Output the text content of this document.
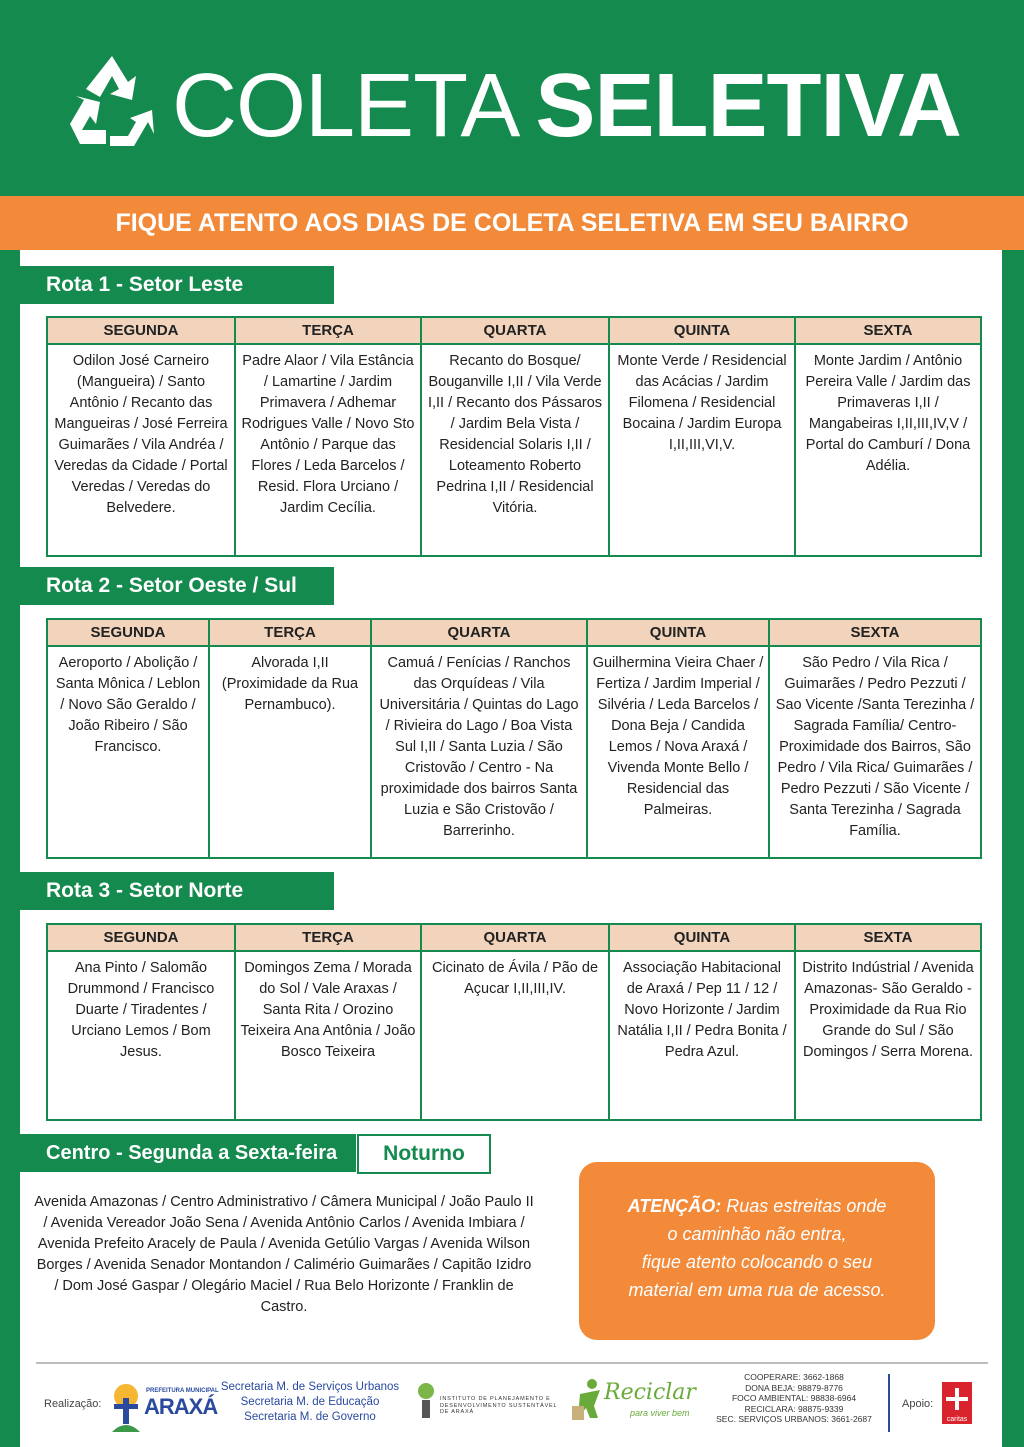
COLETA SELETIVA
FIQUE ATENTO AOS DIAS DE COLETA SELETIVA EM SEU BAIRRO
Rota 1 - Setor Leste
SEGUNDA
Odilon José Carneiro (Mangueira) / Santo Antônio / Recanto das Mangueiras / José Ferreira Guimarães / Vila Andréa / Veredas da Cidade / Portal Veredas / Veredas do Belvedere.
TERÇA
Padre Alaor / Vila Estância / Lamartine / Jardim Primavera / Adhemar Rodrigues Valle / Novo Sto Antônio / Parque das Flores / Leda Barcelos / Resid. Flora Urciano / Jardim Cecília.
QUARTA
Recanto do Bosque/ Bouganville I,II / Vila Verde I,II / Recanto dos Pássaros / Jardim Bela Vista / Residencial Solaris I,II / Loteamento Roberto Pedrina I,II / Residencial Vitória.
QUINTA
Monte Verde / Residencial das Acácias / Jardim Filomena / Residencial Bocaina / Jardim Europa I,II,III,VI,V.
SEXTA
Monte Jardim / Antônio Pereira Valle / Jardim das Primaveras I,II / Mangabeiras I,II,III,IV,V / Portal do Camburí / Dona Adélia.
Rota 2 - Setor Oeste / Sul
SEGUNDA
Aeroporto / Abolição / Santa Mônica / Leblon / Novo São Geraldo / João Ribeiro / São Francisco.
TERÇA
Alvorada I,II (Proximidade da Rua Pernambuco).
QUARTA
Camuá / Fenícias / Ranchos das Orquídeas / Vila Universitária / Quintas do Lago / Rivieira do Lago / Boa Vista Sul I,II / Santa Luzia / São Cristovão / Centro - Na proximidade dos bairros Santa Luzia e São Cristovão / Barrerinho.
QUINTA
Guilhermina Vieira Chaer / Fertiza / Jardim Imperial / Silvéria / Leda Barcelos / Dona Beja / Candida Lemos / Nova Araxá / Vivenda Monte Bello / Residencial das Palmeiras.
SEXTA
São Pedro / Vila Rica / Guimarães / Pedro Pezzuti / Sao Vicente /Santa Terezinha / Sagrada Família/ Centro- Proximidade dos Bairros, São Pedro / Vila Rica/ Guimarães / Pedro Pezzuti / São Vicente / Santa Terezinha / Sagrada Família.
Rota 3 - Setor Norte
SEGUNDA
Ana Pinto / Salomão Drummond / Francisco Duarte / Tiradentes / Urciano Lemos / Bom Jesus.
TERÇA
Domingos Zema / Morada do Sol / Vale Araxas / Santa Rita / Orozino Teixeira Ana Antônia / João Bosco Teixeira
QUARTA
Cicinato de Ávila / Pão de Açucar I,II,III,IV.
QUINTA
Associação Habitacional de Araxá / Pep 11 / 12 / Novo Horizonte / Jardim Natália I,II / Pedra Bonita / Pedra Azul.
SEXTA
Distrito Indústrial / Avenida Amazonas- São Geraldo - Proximidade da Rua Rio Grande do Sul / São Domingos / Serra Morena.
Centro - Segunda a Sexta-feira	Noturno
Avenida Amazonas / Centro Administrativo / Câmera Municipal / João Paulo II / Avenida Vereador João Sena / Avenida Antônio Carlos / Avenida Imbiara / Avenida Prefeito Aracely de Paula / Avenida Getúlio Vargas / Avenida Wilson Borges / Avenida Senador Montandon / Calimério Guimarães / Capitão Izidro / Dom José Gaspar / Olegário Maciel / Rua Belo Horizonte / Franklin de Castro.
ATENÇÃO: Ruas estreitas onde
o caminhão não entra,
fique atento colocando o seu
material em uma rua de acesso.
Realização:
PREFEITURA MUNICIPAL
ARAXÁ
Secretaria M. de Serviços Urbanos
Secretaria M. de Educação
Secretaria M. de Governo
INSTITUTO DE PLANEJAMENTO E
DESENVOLVIMENTO SUSTENTÁVEL
DE ARAXÁ
Reciclar
para viver bem
COOPERARE: 3662-1868
DONA BEJA: 98879-8776
FOCO AMBIENTAL: 98838-6964
RECICLARA: 98875-9339
SEC. SERVIÇOS URBANOS: 3661-2687
Apoio:
caritas
